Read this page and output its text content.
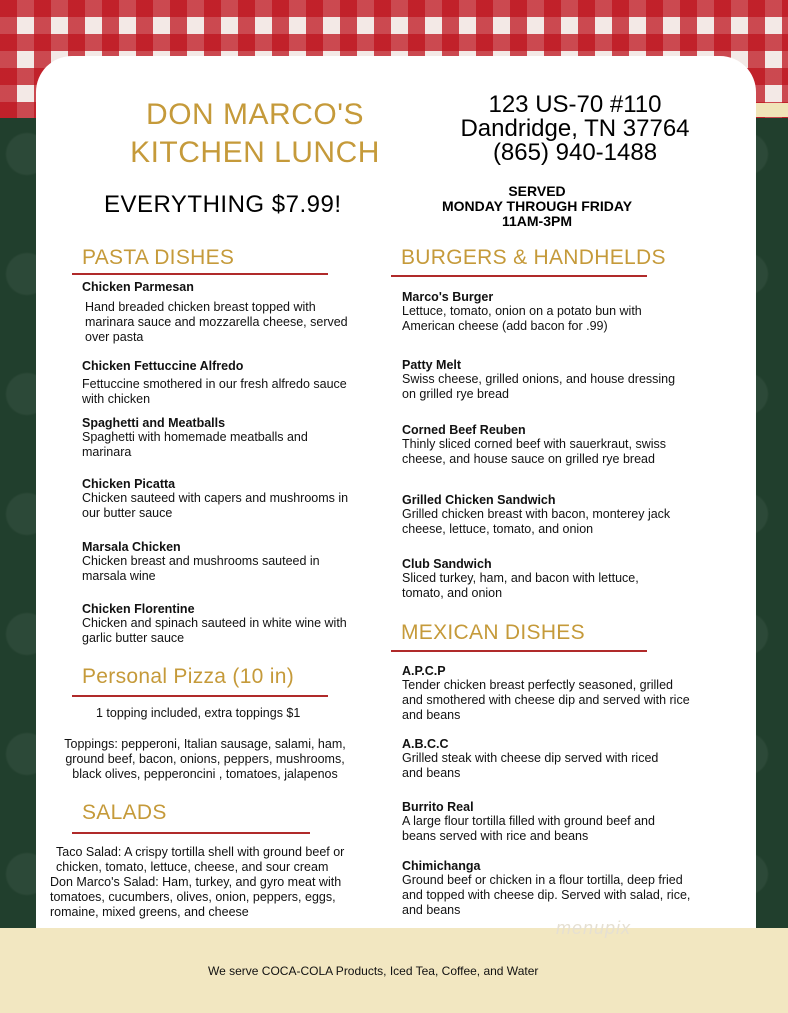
DON MARCO'S
KITCHEN LUNCH
EVERYTHING $7.99!
123 US-70 #110
Dandridge, TN 37764
(865) 940-1488
SERVED
MONDAY THROUGH FRIDAY
11AM-3PM
PASTA DISHES
Chicken Parmesan
Hand breaded chicken breast topped with
marinara sauce and mozzarella cheese, served
over pasta
Chicken Fettuccine Alfredo
Fettuccine smothered in our fresh alfredo sauce
with chicken
Spaghetti and Meatballs
Spaghetti with homemade meatballs and
marinara
Chicken Picatta
Chicken sauteed with capers and mushrooms in
our butter sauce
Marsala Chicken
Chicken breast and mushrooms sauteed in
marsala wine
Chicken Florentine
Chicken and spinach sauteed in white wine with
garlic butter sauce
Personal Pizza (10 in)
1 topping included, extra toppings $1
Toppings: pepperoni, Italian sausage, salami, ham,
ground beef, bacon, onions, peppers, mushrooms,
black olives, pepperoncini , tomatoes, jalapenos
SALADS
Taco Salad: A crispy tortilla shell with ground beef or
chicken, tomato, lettuce, cheese, and sour cream
Don Marco's Salad: Ham, turkey, and gyro meat with
tomatoes, cucumbers, olives, onion, peppers, eggs,
romaine, mixed greens, and cheese
BURGERS & HANDHELDS
Marco's Burger
Lettuce, tomato, onion on a potato bun with
American cheese (add bacon for .99)
Patty Melt
Swiss cheese, grilled onions, and house dressing
on grilled rye bread
Corned Beef Reuben
Thinly sliced corned beef with sauerkraut, swiss
cheese, and house sauce on grilled rye bread
Grilled Chicken Sandwich
Grilled chicken breast with bacon, monterey jack
cheese, lettuce, tomato, and onion
Club Sandwich
Sliced turkey, ham, and bacon with lettuce,
tomato, and onion
MEXICAN DISHES
A.P.C.P
Tender chicken breast perfectly seasoned, grilled
and smothered with cheese dip and served with rice
and beans
A.B.C.C
Grilled steak with cheese dip served with riced
and beans
Burrito Real
A large flour tortilla filled with ground beef and
beans served with rice and beans
Chimichanga
Ground beef or chicken in a flour tortilla, deep fried
and topped with cheese dip. Served with salad, rice,
and beans
menupix
We serve COCA-COLA Products, Iced Tea, Coffee, and Water
